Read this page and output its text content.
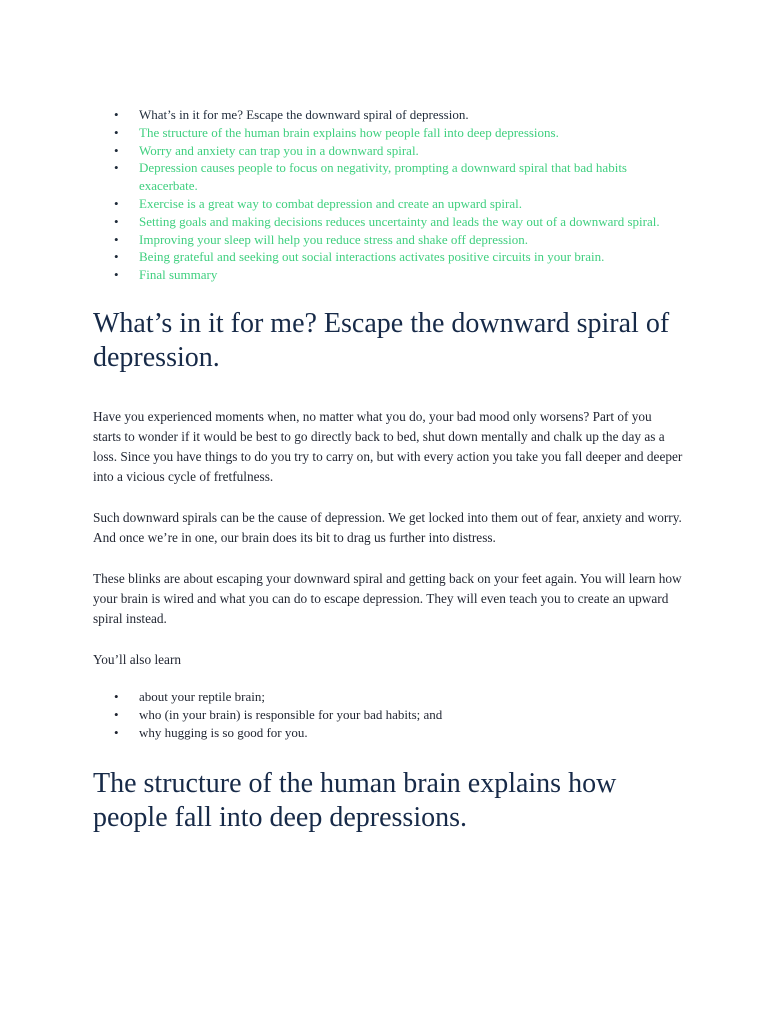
• What’s in it for me? Escape the downward spiral of depression.
• The structure of the human brain explains how people fall into deep depressions.
• Worry and anxiety can trap you in a downward spiral.
• Depression causes people to focus on negativity, prompting a downward spiral that bad habits exacerbate.
• Exercise is a great way to combat depression and create an upward spiral.
• Setting goals and making decisions reduces uncertainty and leads the way out of a downward spiral.
• Improving your sleep will help you reduce stress and shake off depression.
• Being grateful and seeking out social interactions activates positive circuits in your brain.
• Final summary
What’s in it for me? Escape the downward spiral of depression.

Have you experienced moments when, no matter what you do, your bad mood only worsens? Part of you starts to wonder if it would be best to go directly back to bed, shut down mentally and chalk up the day as a loss. Since you have things to do you try to carry on, but with every action you take you fall deeper and deeper into a vicious cycle of fretfulness.

Such downward spirals can be the cause of depression. We get locked into them out of fear, anxiety and worry. And once we’re in one, our brain does its bit to drag us further into distress.

These blinks are about escaping your downward spiral and getting back on your feet again. You will learn how your brain is wired and what you can do to escape depression. They will even teach you to create an upward spiral instead.

You’ll also learn

• about your reptile brain;
• who (in your brain) is responsible for your bad habits; and
• why hugging is so good for you.
The structure of the human brain explains how people fall into deep depressions.
